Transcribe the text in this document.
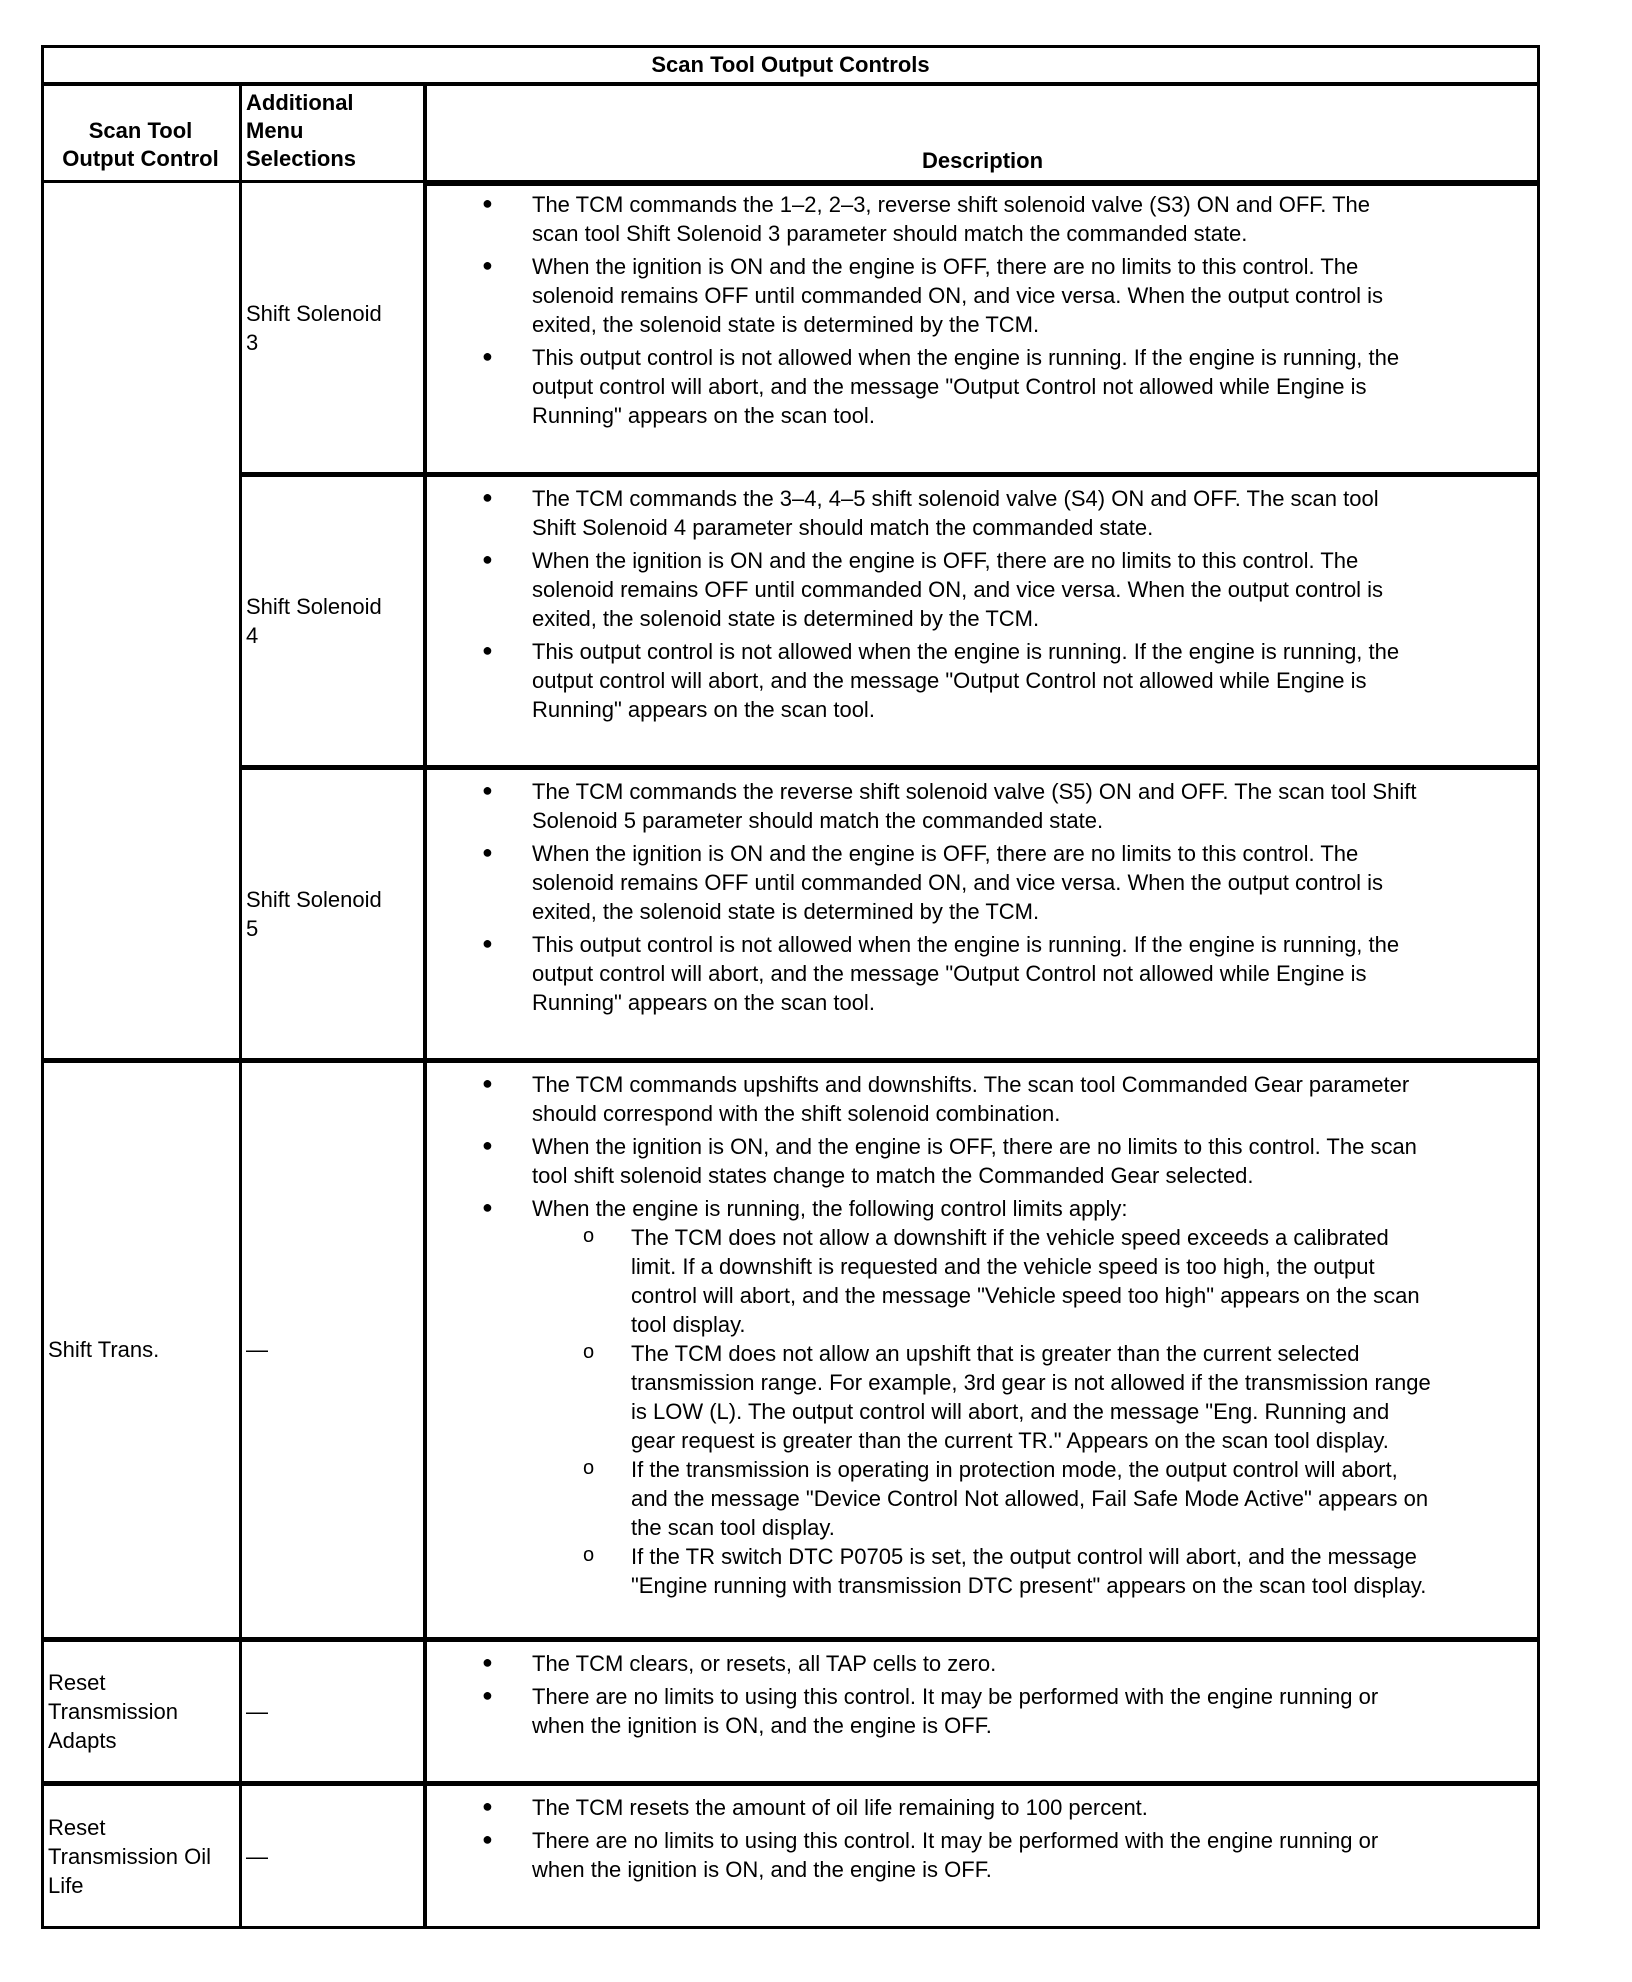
Scan Tool Output Controls
Scan Tool
Output Control
Additional
Menu
Selections	Description
Shift Solenoid
3
● The TCM commands the 1–2, 2–3, reverse shift solenoid valve (S3) ON and OFF. The
scan tool Shift Solenoid 3 parameter should match the commanded state.
● When the ignition is ON and the engine is OFF, there are no limits to this control. The
solenoid remains OFF until commanded ON, and vice versa. When the output control is
exited, the solenoid state is determined by the TCM.
● This output control is not allowed when the engine is running. If the engine is running, the
output control will abort, and the message "Output Control not allowed while Engine is
Running" appears on the scan tool.
Shift Solenoid
4
● The TCM commands the 3–4, 4–5 shift solenoid valve (S4) ON and OFF. The scan tool
Shift Solenoid 4 parameter should match the commanded state.
● When the ignition is ON and the engine is OFF, there are no limits to this control. The
solenoid remains OFF until commanded ON, and vice versa. When the output control is
exited, the solenoid state is determined by the TCM.
● This output control is not allowed when the engine is running. If the engine is running, the
output control will abort, and the message "Output Control not allowed while Engine is
Running" appears on the scan tool.
Shift Solenoid
5
● The TCM commands the reverse shift solenoid valve (S5) ON and OFF. The scan tool Shift
Solenoid 5 parameter should match the commanded state.
● When the ignition is ON and the engine is OFF, there are no limits to this control. The
solenoid remains OFF until commanded ON, and vice versa. When the output control is
exited, the solenoid state is determined by the TCM.
● This output control is not allowed when the engine is running. If the engine is running, the
output control will abort, and the message "Output Control not allowed while Engine is
Running" appears on the scan tool.
Shift Trans.	—
● The TCM commands upshifts and downshifts. The scan tool Commanded Gear parameter
should correspond with the shift solenoid combination.
● When the ignition is ON, and the engine is OFF, there are no limits to this control. The scan
tool shift solenoid states change to match the Commanded Gear selected.
● When the engine is running, the following control limits apply:
o The TCM does not allow a downshift if the vehicle speed exceeds a calibrated
limit. If a downshift is requested and the vehicle speed is too high, the output
control will abort, and the message "Vehicle speed too high" appears on the scan
tool display.
o The TCM does not allow an upshift that is greater than the current selected
transmission range. For example, 3rd gear is not allowed if the transmission range
is LOW (L). The output control will abort, and the message "Eng. Running and
gear request is greater than the current TR." Appears on the scan tool display.
o If the transmission is operating in protection mode, the output control will abort,
and the message "Device Control Not allowed, Fail Safe Mode Active" appears on
the scan tool display.
o If the TR switch DTC P0705 is set, the output control will abort, and the message
"Engine running with transmission DTC present" appears on the scan tool display.
Reset
Transmission
Adapts
—
● The TCM clears, or resets, all TAP cells to zero.
● There are no limits to using this control. It may be performed with the engine running or
when the ignition is ON, and the engine is OFF.
Reset
Transmission Oil
Life
—
● The TCM resets the amount of oil life remaining to 100 percent.
● There are no limits to using this control. It may be performed with the engine running or
when the ignition is ON, and the engine is OFF.
